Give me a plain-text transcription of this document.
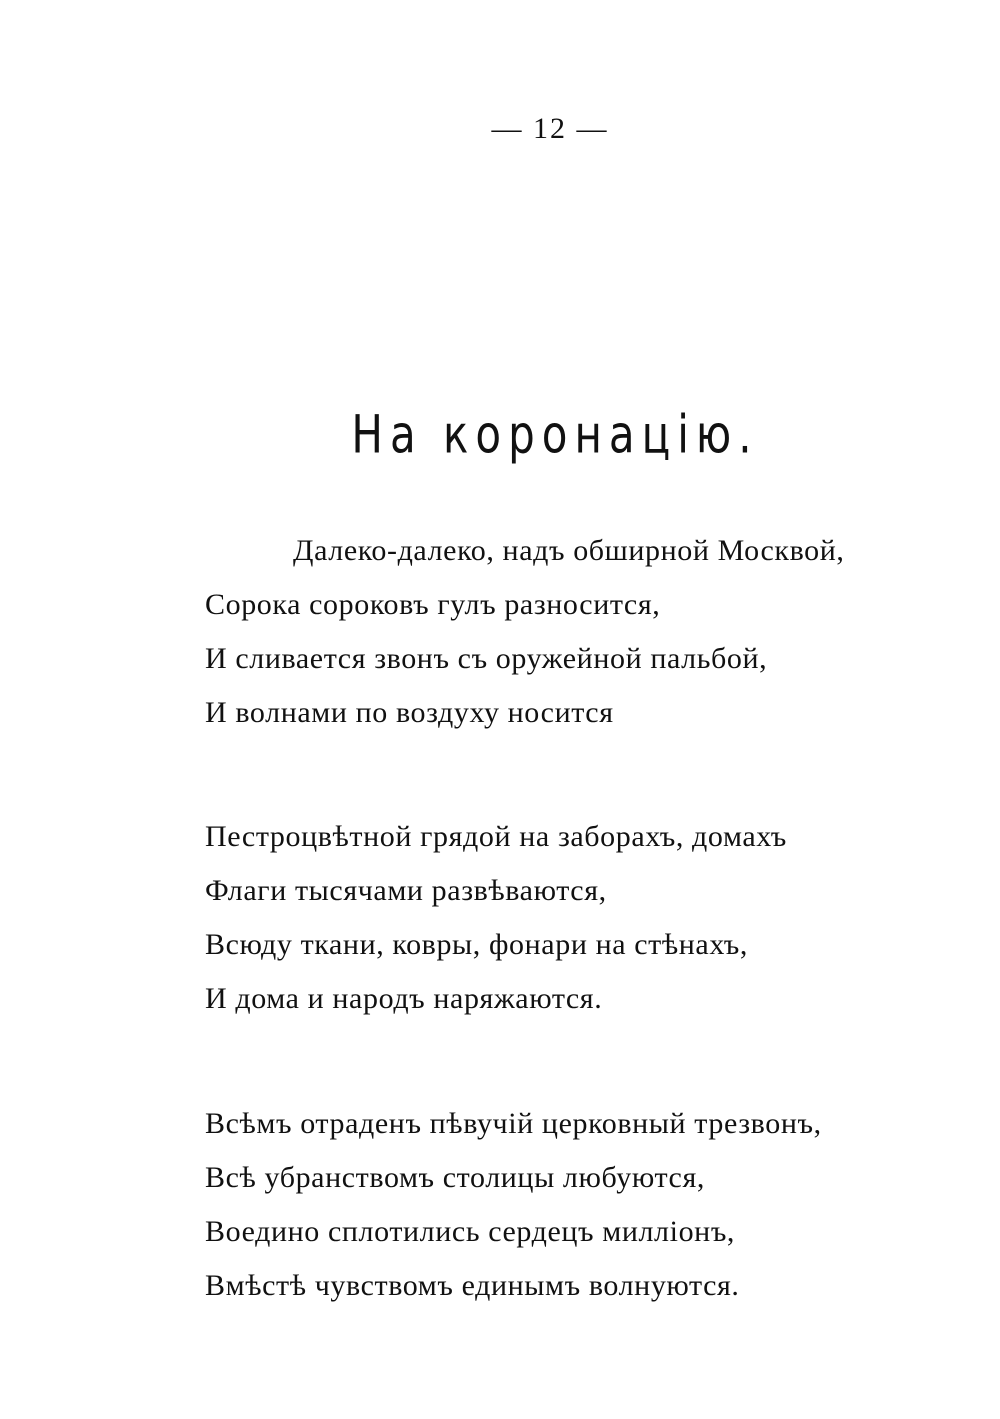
— 12 —
На коронацію.
Далеко-далеко, надъ обширной Москвой,
Сорока сороковъ гулъ разносится,
И сливается звонъ съ оружейной пальбой,
И волнами по воздуху носится
Пестроцвѣтной грядой на заборахъ, домахъ
Флаги тысячами развѣваются,
Всюду ткани, ковры, фонари на стѣнахъ,
И дома и народъ наряжаются.
Всѣмъ отраденъ пѣвучій церковный трезвонъ,
Всѣ убранствомъ столицы любуются,
Воедино сплотились сердецъ милліонъ,
Вмѣстѣ чувствомъ единымъ волнуются.
